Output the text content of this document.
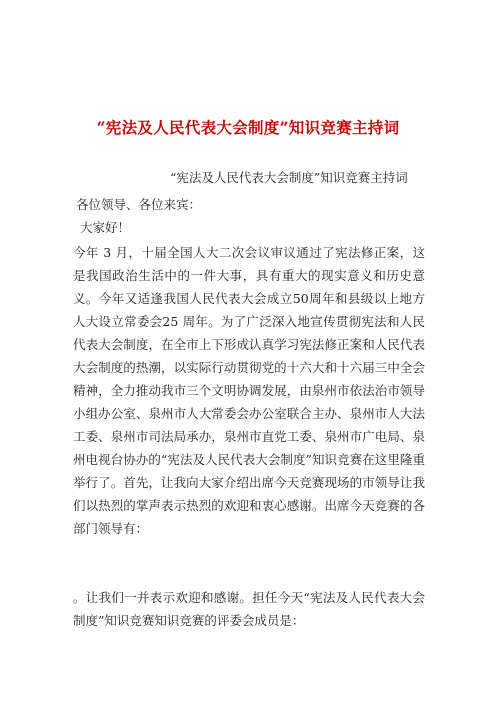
“宪法及人民代表大会制度”知识竞赛主持词
“宪法及人民代表大会制度”知识竞赛主持词
各位领导、各位来宾：
大家好！

今年 3 月，十届全国人大二次会议审议通过了宪法修正案，这是我国政治生活中的一件大事，具有重大的现实意义和历史意义。今年又适逢我国人民代表大会成立50周年和县级以上地方人大设立常委会25 周年。为了广泛深入地宣传贯彻宪法和人民代表大会制度，在全市上下形成认真学习宪法修正案和人民代表大会制度的热潮，以实际行动贯彻党的十六大和十六届三中全会精神，全力推动我市三个文明协调发展，由泉州市依法治市领导小组办公室、泉州市人大常委会办公室联合主办、泉州市人大法工委、泉州市司法局承办，泉州市直党工委、泉州市广电局、泉州电视台协办的“宪法及人民代表大会制度”知识竞赛在这里隆重举行了。首先，让我向大家介绍出席今天竞赛现场的市领导让我们以热烈的掌声表示热烈的欢迎和衷心感谢。出席今天竞赛的各部门领导有：

。让我们一并表示欢迎和感谢。担任今天“宪法及人民代表大会制度”知识竞赛知识竞赛的评委会成员是：
